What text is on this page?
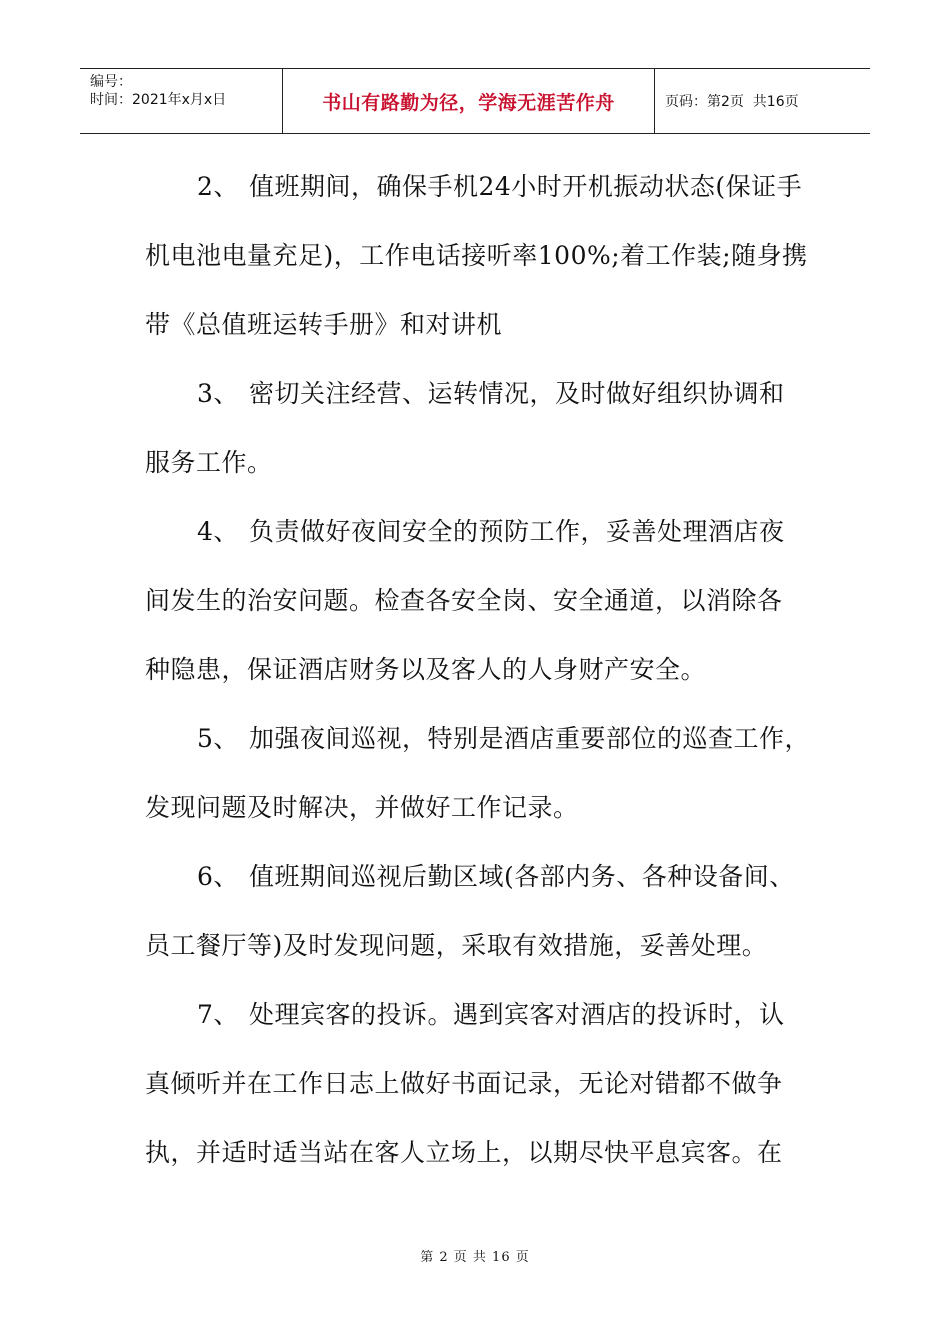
编号：
时间：2021年x月x日	书山有路勤为径，学海无涯苦作舟	页码：第2页  共16页
2、 值班期间，确保手机24小时开机振动状态(保证手
机电池电量充足)，工作电话接听率100%;着工作装;随身携
带《总值班运转手册》和对讲机
3、 密切关注经营、运转情况，及时做好组织协调和
服务工作。
4、 负责做好夜间安全的预防工作，妥善处理酒店夜
间发生的治安问题。检查各安全岗、安全通道，以消除各
种隐患，保证酒店财务以及客人的人身财产安全。
5、 加强夜间巡视，特别是酒店重要部位的巡查工作，
发现问题及时解决，并做好工作记录。
6、 值班期间巡视后勤区域(各部内务、各种设备间、
员工餐厅等)及时发现问题，采取有效措施，妥善处理。
7、 处理宾客的投诉。遇到宾客对酒店的投诉时，认
真倾听并在工作日志上做好书面记录，无论对错都不做争
执，并适时适当站在客人立场上，以期尽快平息宾客。在
第 2 页 共 16 页
